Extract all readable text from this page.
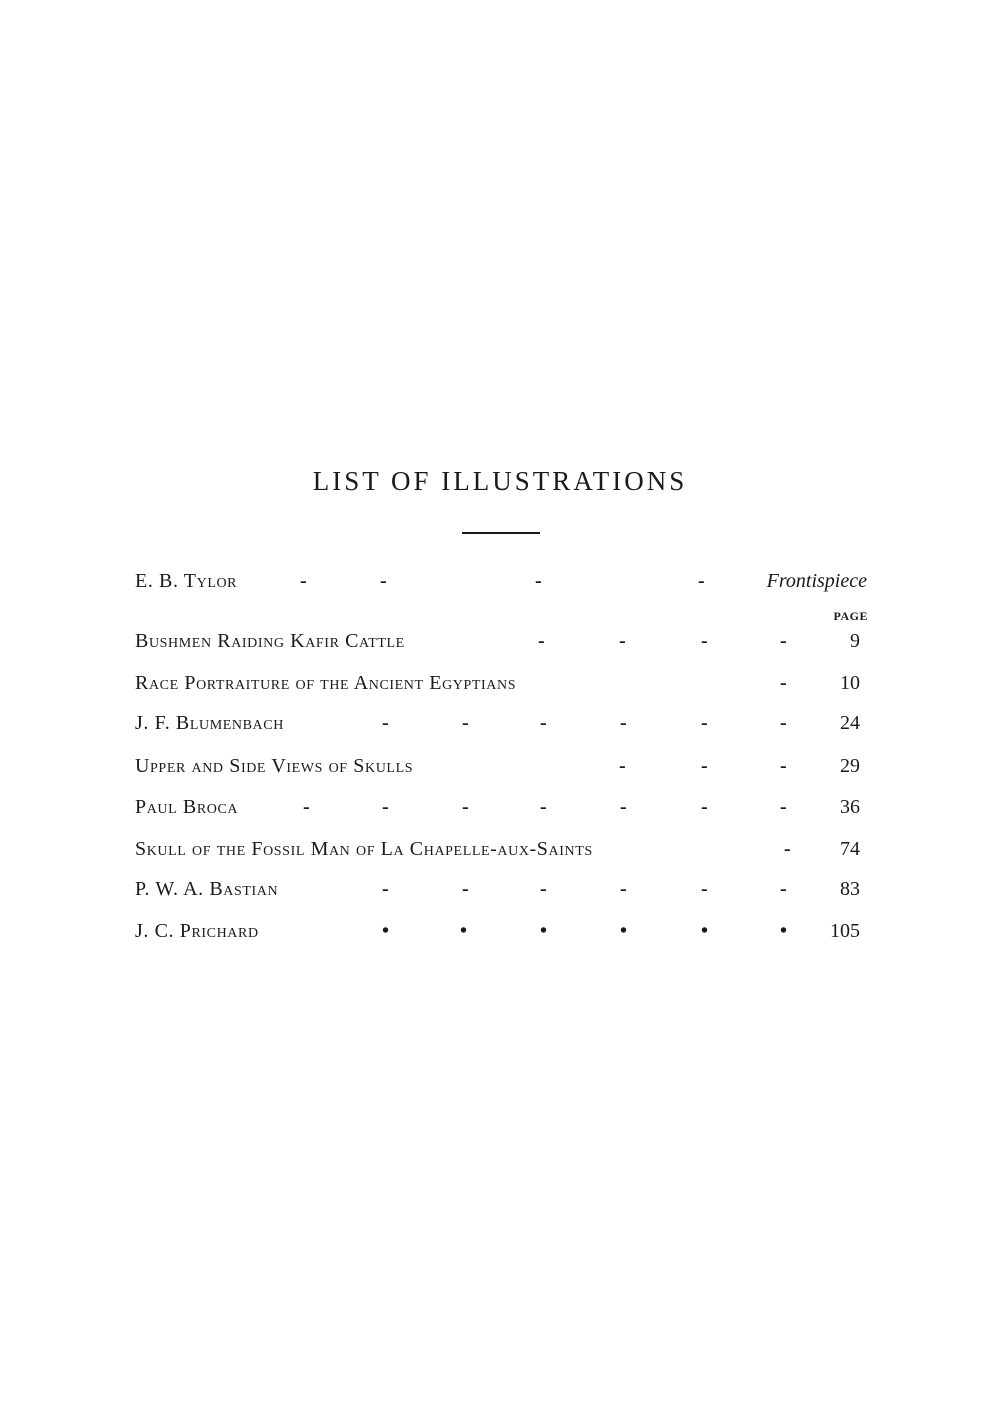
LIST OF ILLUSTRATIONS
E. B. Tylor	-	-	-	-	Frontispiece
PAGE
Bushmen Raiding Kafir Cattle	-	-	-	-	9
Race Portraiture of the Ancient Egyptians	-	10
J. F. Blumenbach	-	-	-	-	-	-	24
Upper and Side Views of Skulls	-	-	-	29
Paul Broca	-	-	-	-	-	-	-	36
Skull of the Fossil Man of La Chapelle-aux-Saints	- 74
P. W. A. Bastian	-	-	-	-	-	-	83
J. C. Prichard	•	•	•	•	•	• 105
